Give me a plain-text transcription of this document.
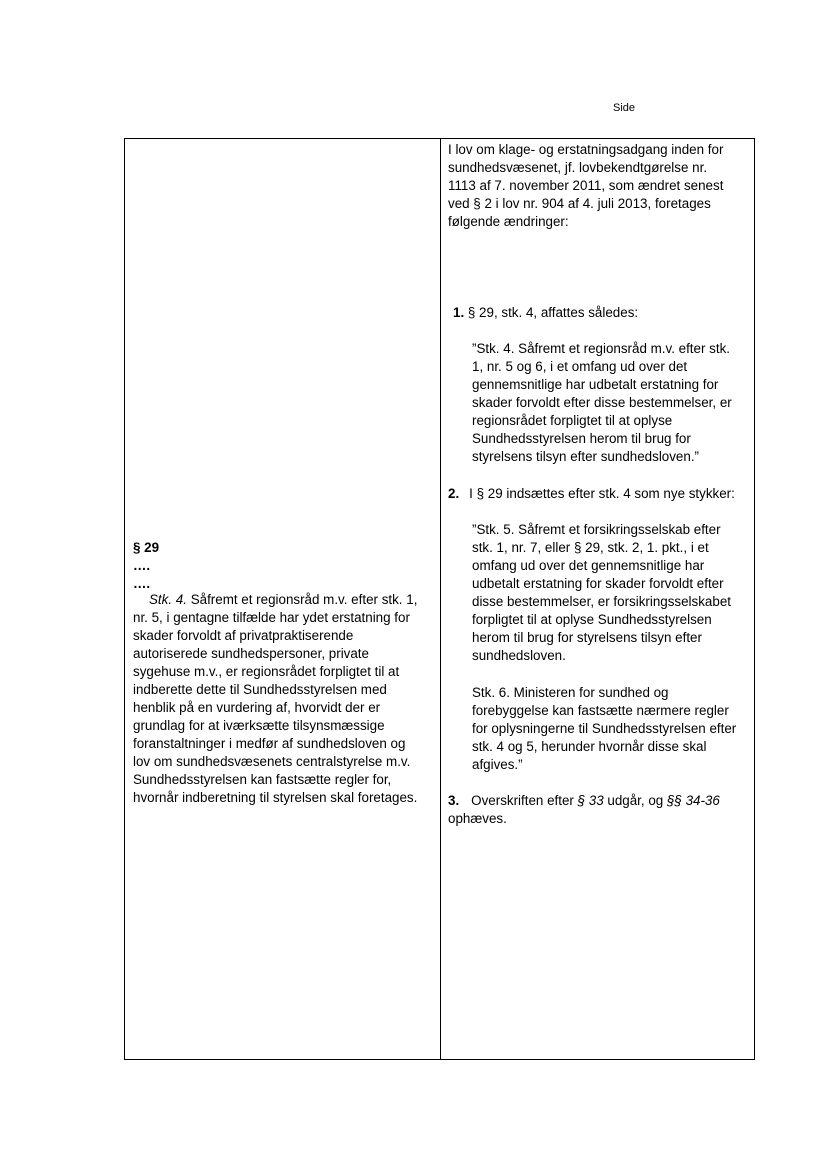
Side
§ 29
….
….
Stk. 4. Såfremt et regionsråd m.v. efter stk. 1,
nr. 5, i gentagne tilfælde har ydet erstatning for
skader forvoldt af privatpraktiserende
autoriserede sundhedspersoner, private
sygehuse m.v., er regionsrådet forpligtet til at
indberette dette til Sundhedsstyrelsen med
henblik på en vurdering af, hvorvidt der er
grundlag for at iværksætte tilsynsmæssige
foranstaltninger i medfør af sundhedsloven og
lov om sundhedsvæsenets centralstyrelse m.v.
Sundhedsstyrelsen kan fastsætte regler for,
hvornår indberetning til styrelsen skal foretages.
I lov om klage- og erstatningsadgang inden for
sundhedsvæsenet, jf. lovbekendtgørelse nr.
1113 af 7. november 2011, som ændret senest
ved § 2 i lov nr. 904 af 4. juli 2013, foretages
følgende ændringer:
1. § 29, stk. 4, affattes således:
”Stk. 4. Såfremt et regionsråd m.v. efter stk.
1, nr. 5 og 6, i et omfang ud over det
gennemsnitlige har udbetalt erstatning for
skader forvoldt efter disse bestemmelser, er
regionsrådet forpligtet til at oplyse
Sundhedsstyrelsen herom til brug for
styrelsens tilsyn efter sundhedsloven.”
2. I § 29 indsættes efter stk. 4 som nye stykker:
”Stk. 5. Såfremt et forsikringsselskab efter
stk. 1, nr. 7, eller § 29, stk. 2, 1. pkt., i et
omfang ud over det gennemsnitlige har
udbetalt erstatning for skader forvoldt efter
disse bestemmelser, er forsikringsselskabet
forpligtet til at oplyse Sundhedsstyrelsen
herom til brug for styrelsens tilsyn efter
sundhedsloven.
Stk. 6. Ministeren for sundhed og
forebyggelse kan fastsætte nærmere regler
for oplysningerne til Sundhedsstyrelsen efter
stk. 4 og 5, herunder hvornår disse skal
afgives.”
3. Overskriften efter § 33 udgår, og §§ 34-36
ophæves.
